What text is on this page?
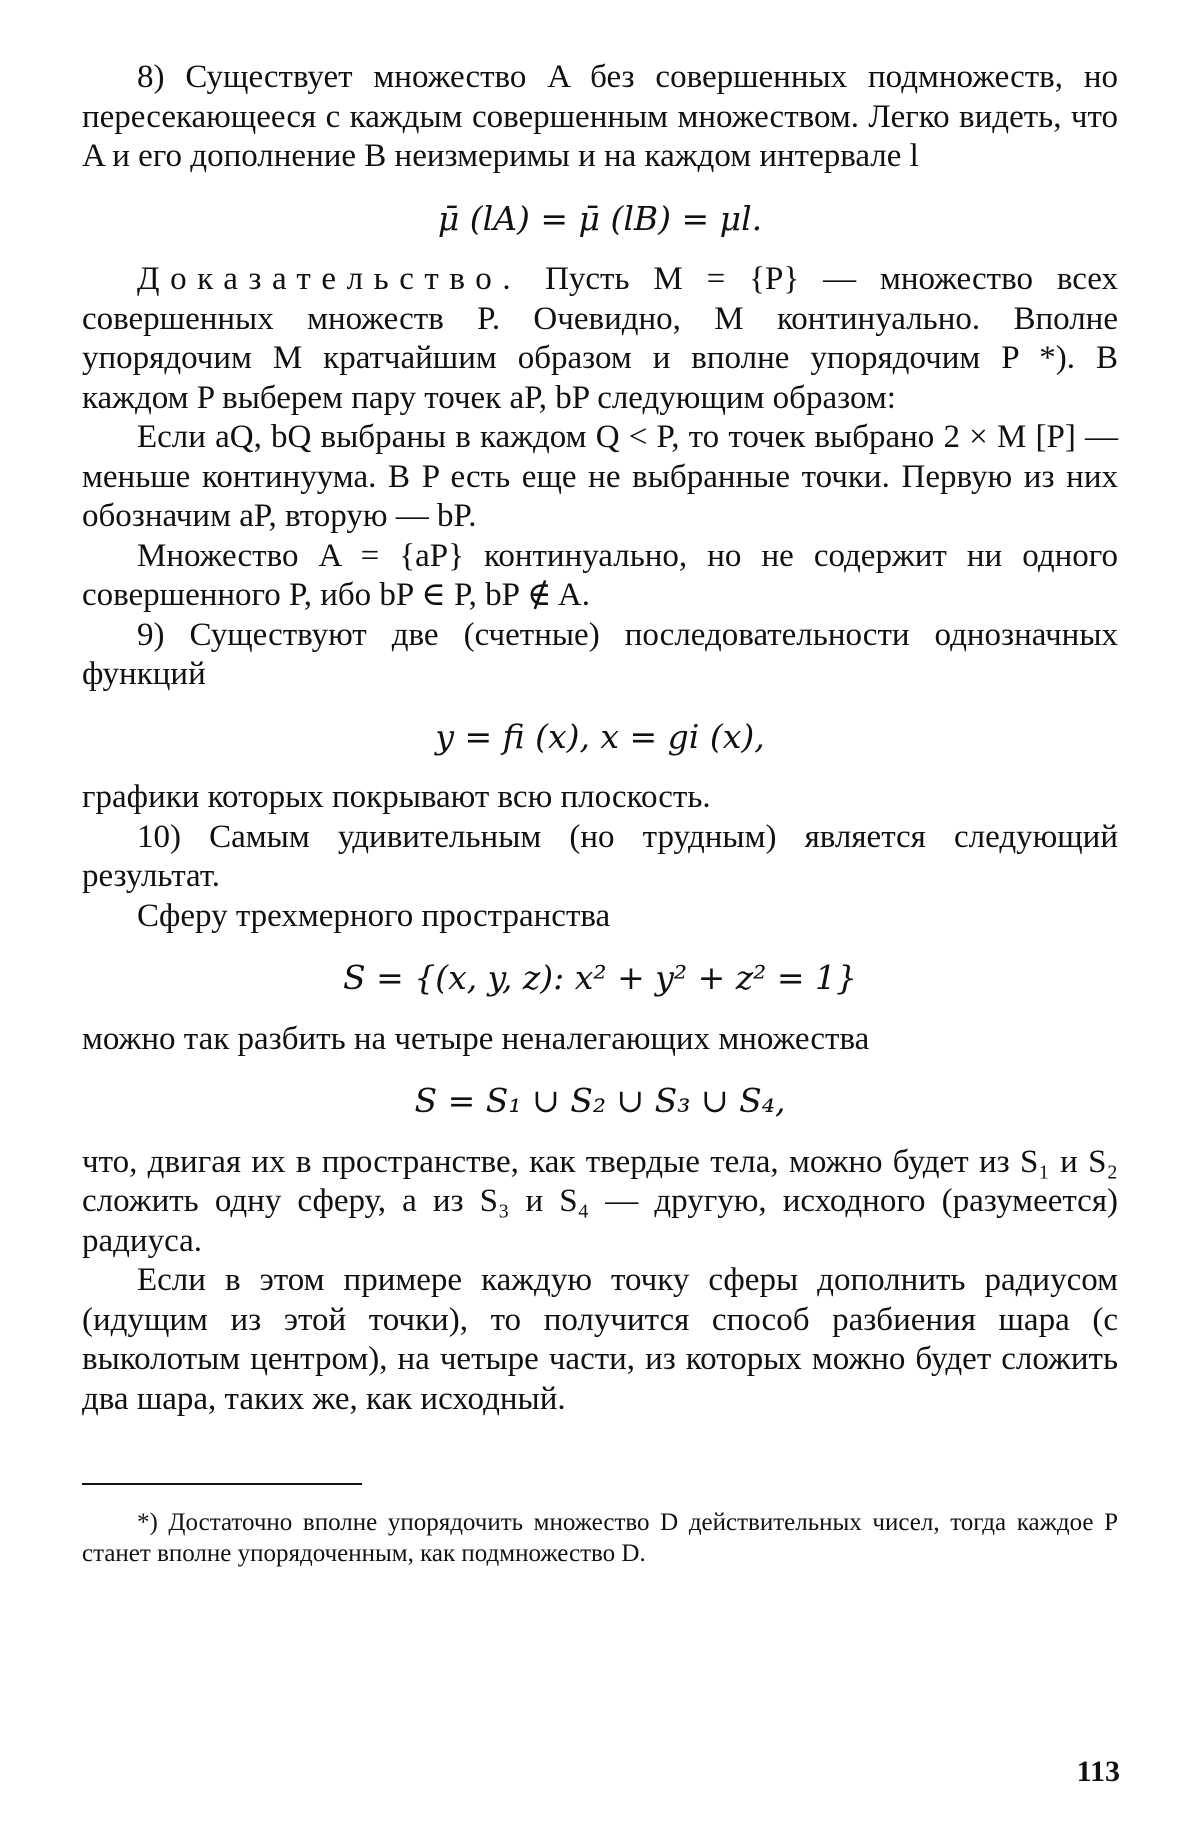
8) Существует множество A без совершенных подмножеств, но пересекающееся с каждым совершенным множеством. Легко видеть, что A и его дополнение B неизмеримы и на каждом интервале l

μ̄ (lA) = μ̄ (lB) = μl.

Доказательство. Пусть M = {P} — множество всех совершенных множеств P. Очевидно, M континуально. Вполне упорядочим M кратчайшим образом и вполне упорядочим P *). В каждом P выберем пару точек aP, bP следующим образом:

Если aQ, bQ выбраны в каждом Q < P, то точек выбрано 2 × M [P] — меньше континуума. В P есть еще не выбранные точки. Первую из них обозначим aP, вторую — bP.

Множество A = {aP} континуально, но не содержит ни одного совершенного P, ибо bP ∈ P, bP ∉ A.

9) Существуют две (счетные) последовательности однозначных функций

y = fi (x), x = gi (x),

графики которых покрывают всю плоскость.

10) Самым удивительным (но трудным) является следующий результат.

Сферу трехмерного пространства

S = {(x, y, z): x² + y² + z² = 1}

можно так разбить на четыре неналегающих множества

S = S₁ ∪ S₂ ∪ S₃ ∪ S₄,

что, двигая их в пространстве, как твердые тела, можно будет из S₁ и S₂ сложить одну сферу, а из S₃ и S₄ — другую, исходного (разумеется) радиуса.

Если в этом примере каждую точку сферы дополнить радиусом (идущим из этой точки), то получится способ разбиения шара (с выколотым центром), на четыре части, из которых можно будет сложить два шара, таких же, как исходный.

*) Достаточно вполне упорядочить множество D действительных чисел, тогда каждое P станет вполне упорядоченным, как подмножество D.

113
